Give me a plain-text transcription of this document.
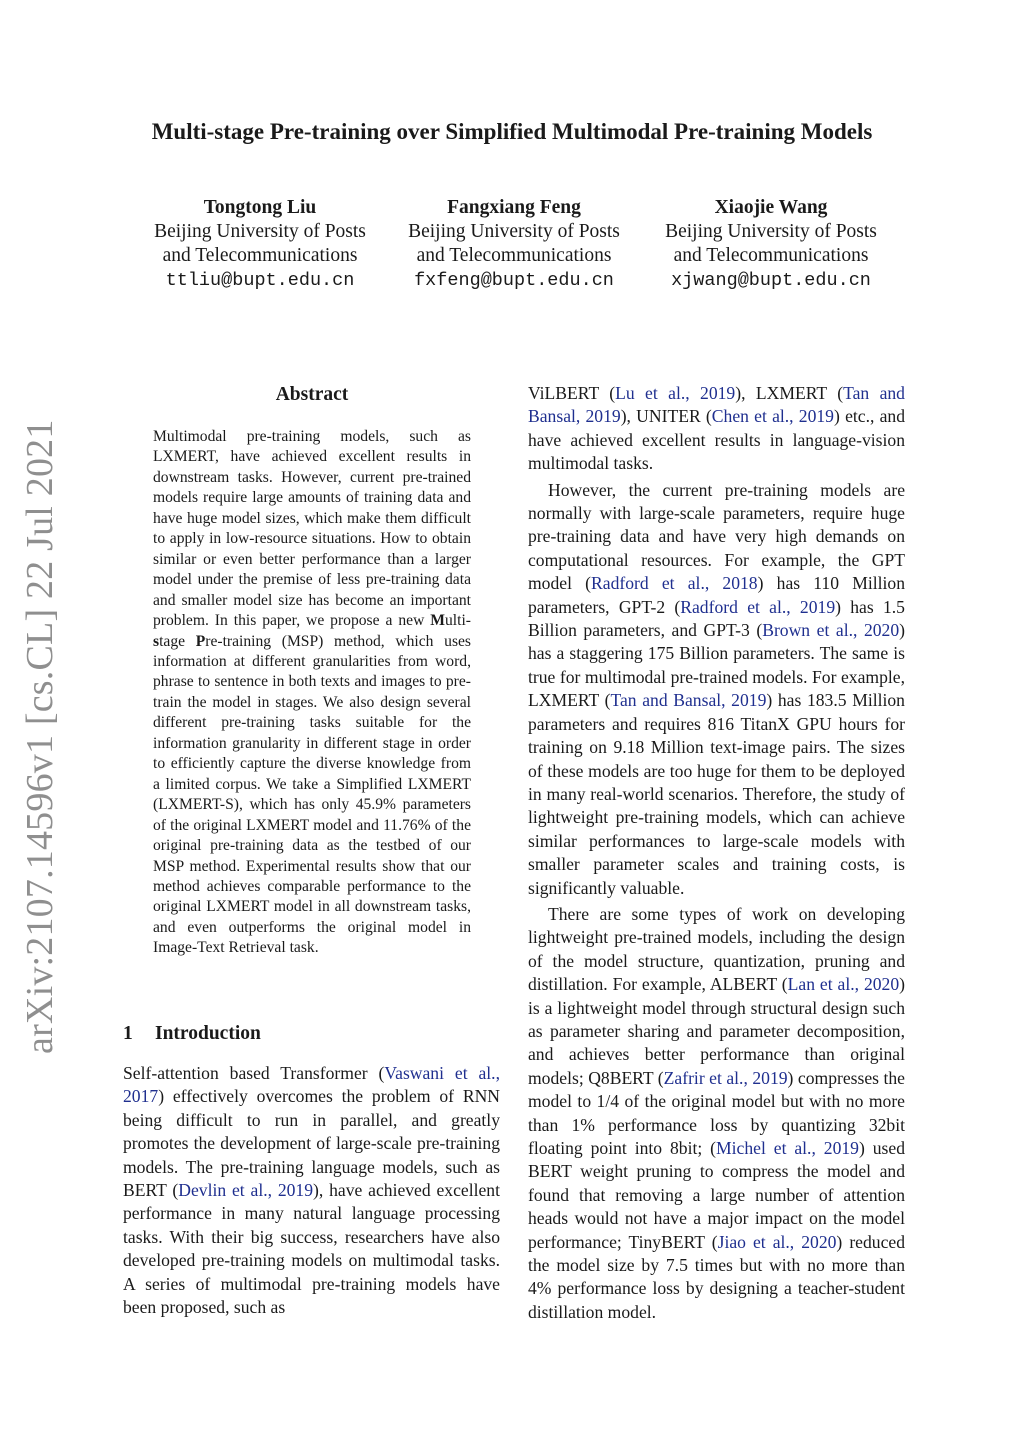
arXiv:2107.14596v1 [cs.CL] 22 Jul 2021
Multi-stage Pre-training over Simplified Multimodal Pre-training Models
Tongtong Liu
Beijing University of Posts
and Telecommunications
ttliu@bupt.edu.cn
Fangxiang Feng
Beijing University of Posts
and Telecommunications
fxfeng@bupt.edu.cn
Xiaojie Wang
Beijing University of Posts
and Telecommunications
xjwang@bupt.edu.cn
Abstract
Multimodal pre-training models, such as LXMERT, have achieved excellent results in downstream tasks. However, current pre-trained models require large amounts of training data and have huge model sizes, which make them difficult to apply in low-resource situations. How to obtain similar or even better performance than a larger model under the premise of less pre-training data and smaller model size has become an important problem. In this paper, we propose a new Multi-stage Pre-training (MSP) method, which uses information at different granularities from word, phrase to sentence in both texts and images to pre-train the model in stages. We also design several different pre-training tasks suitable for the information granularity in different stage in order to efficiently capture the diverse knowledge from a limited corpus. We take a Simplified LXMERT (LXMERT-S), which has only 45.9% parameters of the original LXMERT model and 11.76% of the original pre-training data as the testbed of our MSP method. Experimental results show that our method achieves comparable performance to the original LXMERT model in all downstream tasks, and even outperforms the original model in Image-Text Retrieval task.
1 Introduction
Self-attention based Transformer (Vaswani et al., 2017) effectively overcomes the problem of RNN being difficult to run in parallel, and greatly promotes the development of large-scale pre-training models. The pre-training language models, such as BERT (Devlin et al., 2019), have achieved excellent performance in many natural language processing tasks. With their big success, researchers have also developed pre-training models on multimodal tasks. A series of multimodal pre-training models have been proposed, such as

ViLBERT (Lu et al., 2019), LXMERT (Tan and Bansal, 2019), UNITER (Chen et al., 2019) etc., and have achieved excellent results in language-vision multimodal tasks.

However, the current pre-training models are normally with large-scale parameters, require huge pre-training data and have very high demands on computational resources. For example, the GPT model (Radford et al., 2018) has 110 Million parameters, GPT-2 (Radford et al., 2019) has 1.5 Billion parameters, and GPT-3 (Brown et al., 2020) has a staggering 175 Billion parameters. The same is true for multimodal pre-trained models. For example, LXMERT (Tan and Bansal, 2019) has 183.5 Million parameters and requires 816 TitanX GPU hours for training on 9.18 Million text-image pairs. The sizes of these models are too huge for them to be deployed in many real-world scenarios. Therefore, the study of lightweight pre-training models, which can achieve similar performances to large-scale models with smaller parameter scales and training costs, is significantly valuable.

There are some types of work on developing lightweight pre-trained models, including the design of the model structure, quantization, pruning and distillation. For example, ALBERT (Lan et al., 2020) is a lightweight model through structural design such as parameter sharing and parameter decomposition, and achieves better performance than original models; Q8BERT (Zafrir et al., 2019) compresses the model to 1/4 of the original model but with no more than 1% performance loss by quantizing 32bit floating point into 8bit; (Michel et al., 2019) used BERT weight pruning to compress the model and found that removing a large number of attention heads would not have a major impact on the model performance; TinyBERT (Jiao et al., 2020) reduced the model size by 7.5 times but with no more than 4% performance loss by designing a teacher-student distillation model.
